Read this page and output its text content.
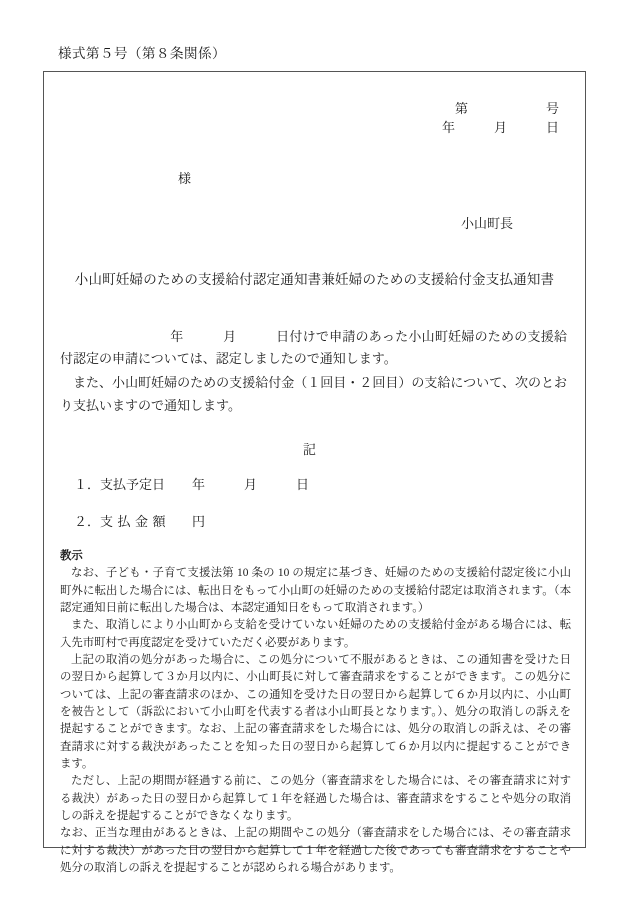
様式第５号（第８条関係）
第　　　　　　号
年　　　月　　　日
様
小山町長
小山町妊婦のための支援給付認定通知書兼妊婦のための支援給付金支払通知書

年　　　月　　　日付けで申請のあった小山町妊婦のための支援給付認定の申請については、認定しましたので通知します。

また、小山町妊婦のための支援給付金（１回目・２回目）の支給について、次のとおり支払いますので通知します。

記
１． 支払予定日	年　　　月　　　日
２． 支払金額	円

教示

なお、子ども・子育て支援法第 10 条の 10 の規定に基づき、妊婦のための支援給付認定後に小山町外に転出した場合には、転出日をもって小山町の妊婦のための支援給付認定は取消されます。（本認定通知日前に転出した場合は、本認定通知日をもって取消されます。）

また、取消しにより小山町から支給を受けていない妊婦のための支援給付金がある場合には、転入先市町村で再度認定を受けていただく必要があります。

上記の取消の処分があった場合に、この処分について不服があるときは、この通知書を受けた日の翌日から起算して３か月以内に、小山町長に対して審査請求をすることができます。この処分については、上記の審査請求のほか、この通知を受けた日の翌日から起算して６か月以内に、小山町を被告として（訴訟において小山町を代表する者は小山町長となります。）、処分の取消しの訴えを提起することができます。なお、上記の審査請求をした場合には、処分の取消しの訴えは、その審査請求に対する裁決があったことを知った日の翌日から起算して６か月以内に提起することができます。

ただし、上記の期間が経過する前に、この処分（審査請求をした場合には、その審査請求に対する裁決）があった日の翌日から起算して１年を経過した場合は、審査請求をすることや処分の取消しの訴えを提起することができなくなります。

なお、正当な理由があるときは、上記の期間やこの処分（審査請求をした場合には、その審査請求に対する裁決）があった日の翌日から起算して１年を経過した後であっても審査請求をすることや処分の取消しの訴えを提起することが認められる場合があります。
